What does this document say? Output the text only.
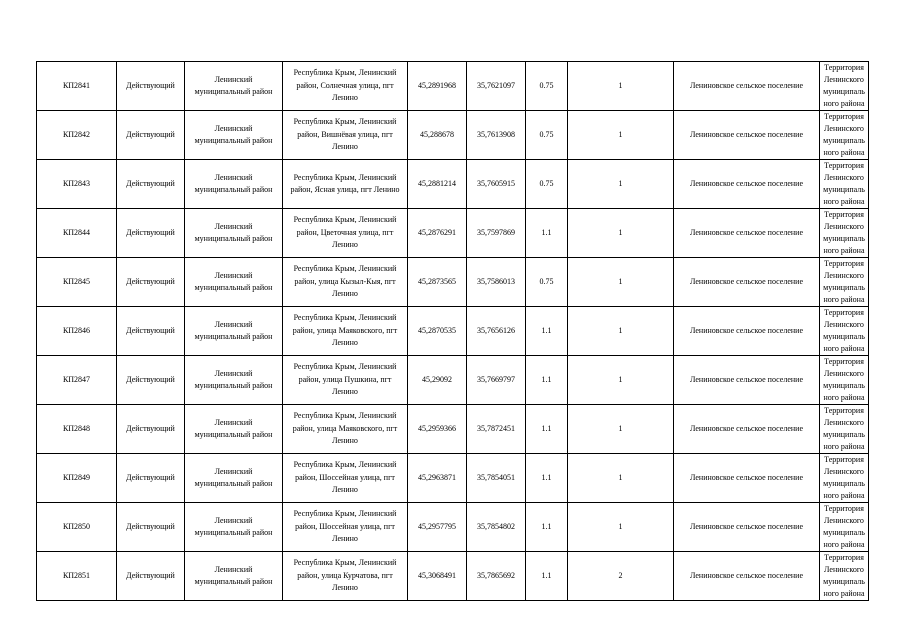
КП2841	Действующий	Ленинский муниципальный район	Республика Крым, Ленинский район, Солнечная улица, пгт Ленино	45,2891968	35,7621097	0.75	1	Лениновское сельское поселение	Территория Ленинского муниципального района
КП2842	Действующий	Ленинский муниципальный район	Республика Крым, Ленинский район, Вишнёвая улица, пгт Ленино	45,288678	35,7613908	0.75	1	Лениновское сельское поселение	Территория Ленинского муниципального района
КП2843	Действующий	Ленинский муниципальный район	Республика Крым, Ленинский район, Ясная улица, пгт Ленино	45,2881214	35,7605915	0.75	1	Лениновское сельское поселение	Территория Ленинского муниципального района
КП2844	Действующий	Ленинский муниципальный район	Республика Крым, Ленинский район, Цветочная улица, пгт Ленино	45,2876291	35,7597869	1.1	1	Лениновское сельское поселение	Территория Ленинского муниципального района
КП2845	Действующий	Ленинский муниципальный район	Республика Крым, Ленинский район, улица Кызыл-Кыя, пгт Ленино	45,2873565	35,7586013	0.75	1	Лениновское сельское поселение	Территория Ленинского муниципального района
КП2846	Действующий	Ленинский муниципальный район	Республика Крым, Ленинский район, улица Маяковского, пгт Ленино	45,2870535	35,7656126	1.1	1	Лениновское сельское поселение	Территория Ленинского муниципального района
КП2847	Действующий	Ленинский муниципальный район	Республика Крым, Ленинский район, улица Пушкина, пгт Ленино	45,29092	35,7669797	1.1	1	Лениновское сельское поселение	Территория Ленинского муниципального района
КП2848	Действующий	Ленинский муниципальный район	Республика Крым, Ленинский район, улица Маяковского, пгт Ленино	45,2959366	35,7872451	1.1	1	Лениновское сельское поселение	Территория Ленинского муниципального района
КП2849	Действующий	Ленинский муниципальный район	Республика Крым, Ленинский район, Шоссейная улица, пгт Ленино	45,2963871	35,7854051	1.1	1	Лениновское сельское поселение	Территория Ленинского муниципального района
КП2850	Действующий	Ленинский муниципальный район	Республика Крым, Ленинский район, Шоссейная улица, пгт Ленино	45,2957795	35,7854802	1.1	1	Лениновское сельское поселение	Территория Ленинского муниципального района
КП2851	Действующий	Ленинский муниципальный район	Республика Крым, Ленинский район, улица Курчатова, пгт Ленино	45,3068491	35,7865692	1.1	2	Лениновское сельское поселение	Территория Ленинского муниципального района
